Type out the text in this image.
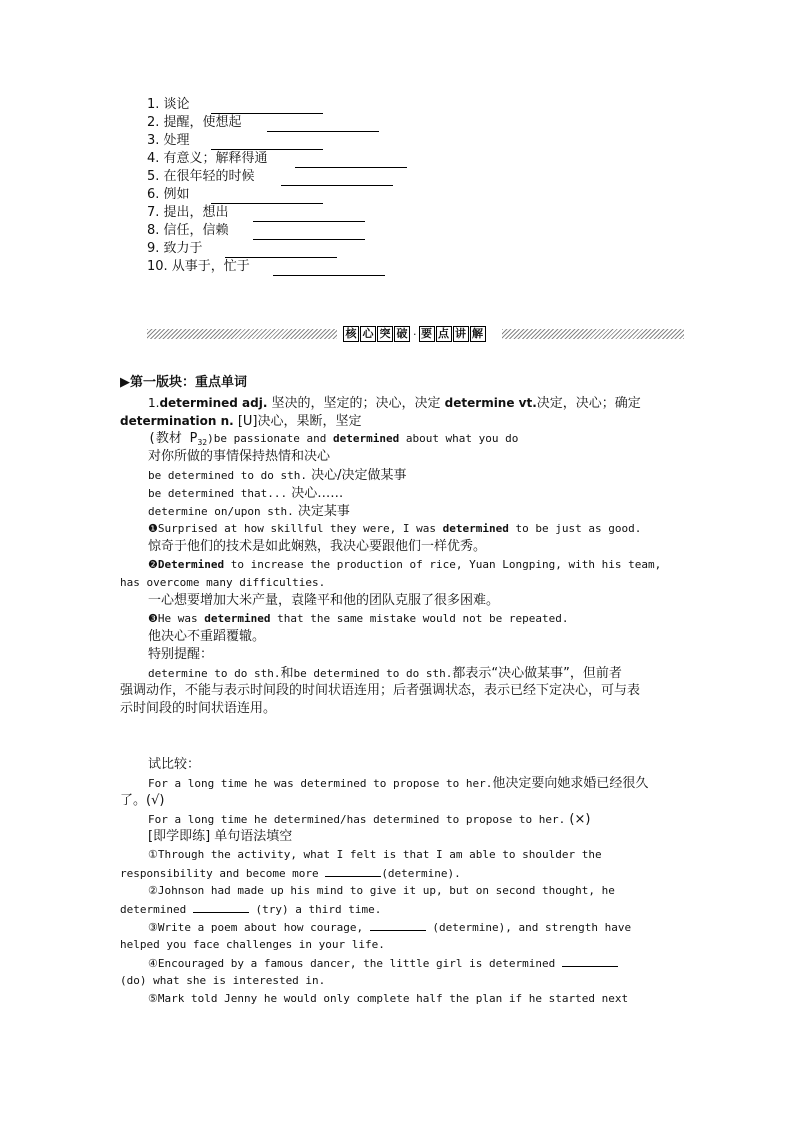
1. 谈论
2. 提醒，使想起
3. 处理
4. 有意义；解释得通
5. 在很年轻的时候
6. 例如
7. 提出，想出
8. 信任，信赖
9. 致力于
10. 从事于，忙于
核 心 突 破 · 要 点 讲 解
▶第一版块：重点单词
1.determined adj. 坚决的，坚定的；决心，决定 determine vt.决定，决心；确定
determination n. [U]决心，果断，坚定
(教材 $P_{32})be$ passionate and determined about what you do
对你所做的事情保持热情和决心
be determined to do sth. 决心/决定做某事
be determined that... 决心……
determine on/upon sth. 决定某事
❶Surprised at how skillful they were, I was determined to be just as good.
惊奇于他们的技术是如此娴熟，我决心要跟他们一样优秀。
❷Determined to increase the production of rice, Yuan Longping, with his team,
has overcome many difficulties.
一心想要增加大米产量，袁隆平和他的团队克服了很多困难。
❸He was determined that the same mistake would not be repeated.
他决心不重蹈覆辙。
特别提醒：
determine to do sth.和be determined to do sth.都表示“决心做某事”，但前者
强调动作，不能与表示时间段的时间状语连用；后者强调状态，表示已经下定决心，可与表
示时间段的时间状语连用。
试比较：
For a long time he was determined to propose to her.他决定要向她求婚已经很久
了。(√)
For a long time he determined/has determined to propose to her. (×)
[即学即练] 单句语法填空
①Through the activity, what I felt is that I am able to shoulder the
responsibility and become more	(determine).
②Johnson had made up his mind to give it up, but on second thought, he
determined	(try) a third time.
③Write a poem about how courage,	(determine), and strength have
helped you face challenges in your life.
④Encouraged by a famous dancer, the little girl is determined
(do) what she is interested in.
⑤Mark told Jenny he would only complete half the plan if he started next
